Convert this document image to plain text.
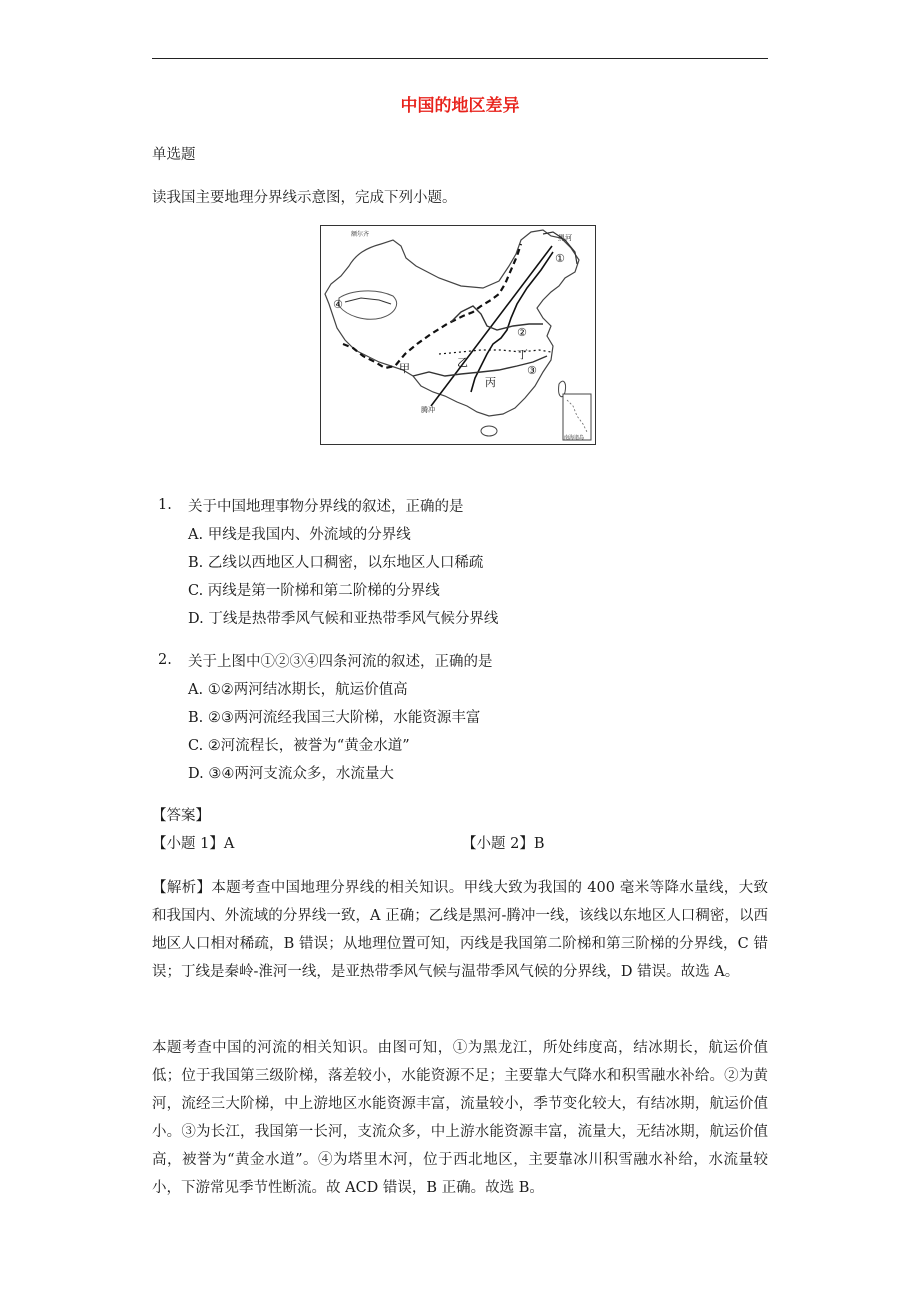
中国的地区差异
单选题
读我国主要地理分界线示意图，完成下列小题。
额尔齐	黑河
腾冲
甲	乙
丙
丁
①
②
③
④
南海诸岛
1. 关于中国地理事物分界线的叙述，正确的是
A. 甲线是我国内、外流域的分界线
B. 乙线以西地区人口稠密，以东地区人口稀疏
C. 丙线是第一阶梯和第二阶梯的分界线
D. 丁线是热带季风气候和亚热带季风气候分界线
2. 关于上图中①②③④四条河流的叙述，正确的是
A. ①②两河结冰期长，航运价值高
B. ②③两河流经我国三大阶梯，水能资源丰富
C. ②河流程长，被誉为“黄金水道”
D. ③④两河支流众多，水流量大
【答案】
【小题 1】A	【小题 2】B
【解析】本题考查中国地理分界线的相关知识。甲线大致为我国的 400 毫米等降水量线，大致和我国内、外流域的分界线一致，A 正确；乙线是黑河-腾冲一线，该线以东地区人口稠密，以西地区人口相对稀疏，B 错误；从地理位置可知，丙线是我国第二阶梯和第三阶梯的分界线，C 错误；丁线是秦岭-淮河一线，是亚热带季风气候与温带季风气候的分界线，D 错误。故选 A。
本题考查中国的河流的相关知识。由图可知，①为黑龙江，所处纬度高，结冰期长，航运价值低；位于我国第三级阶梯，落差较小，水能资源不足；主要靠大气降水和积雪融水补给。②为黄河，流经三大阶梯，中上游地区水能资源丰富，流量较小，季节变化较大，有结冰期，航运价值小。③为长江，我国第一长河，支流众多，中上游水能资源丰富，流量大，无结冰期，航运价值高，被誉为“黄金水道”。④为塔里木河，位于西北地区，主要靠冰川积雪融水补给，水流量较小，下游常见季节性断流。故 ACD 错误，B 正确。故选 B。
